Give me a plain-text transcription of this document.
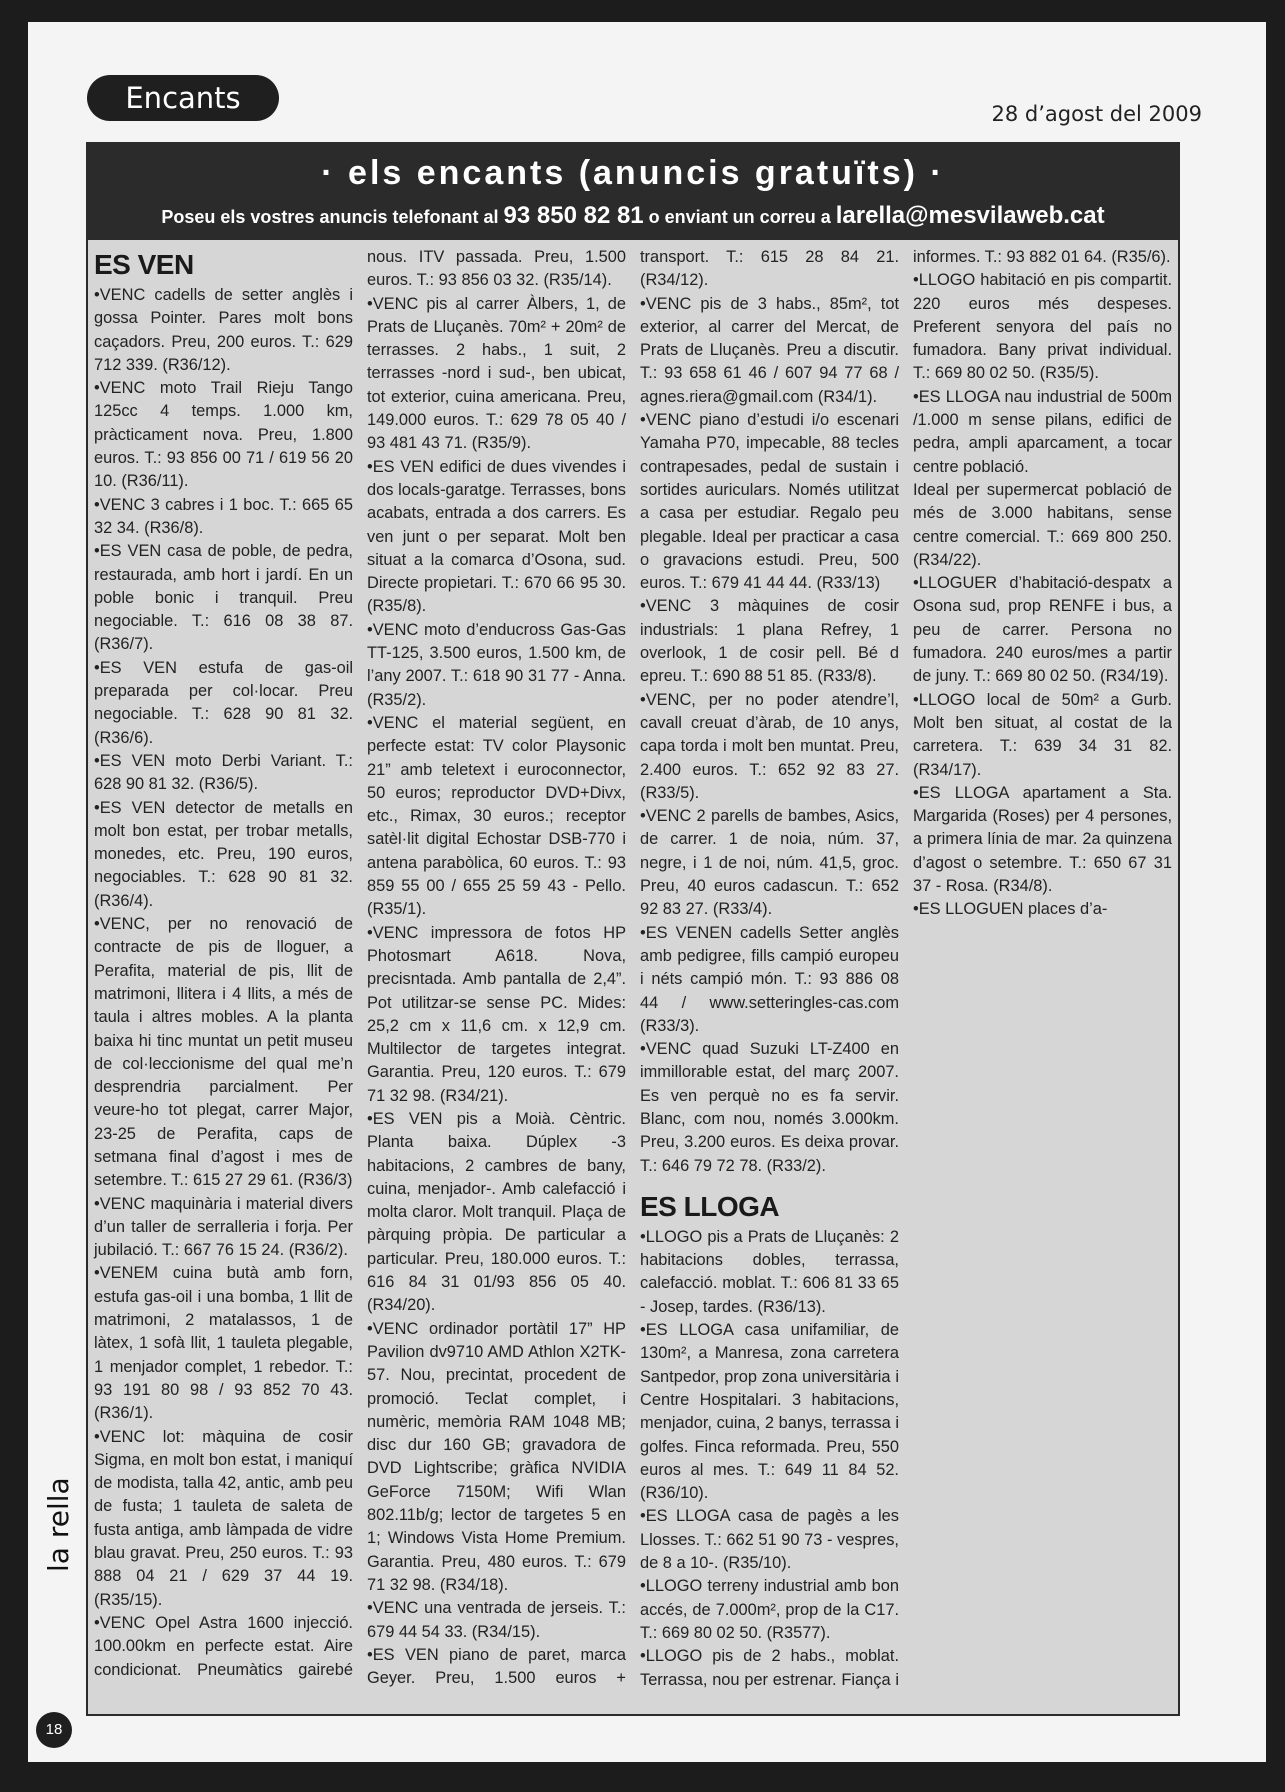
Encants	28 d’agost del 2009
· els encants (anuncis gratuïts) ·
Poseu els vostres anuncis telefonant al 93 850 82 81 o enviant un correu a larella@mesvilaweb.cat
ES VEN

•VENC cadells de setter anglès i gossa Pointer. Pares molt bons caçadors. Preu, 200 euros. T.: 629 712 339. (R36/12).

•VENC moto Trail Rieju Tango 125cc 4 temps. 1.000 km, pràcticament nova. Preu, 1.800 euros. T.: 93 856 00 71 / 619 56 20 10. (R36/11).

•VENC 3 cabres i 1 boc. T.: 665 65 32 34. (R36/8).

•ES VEN casa de poble, de pedra, restaurada, amb hort i jardí. En un poble bonic i tranquil. Preu negociable. T.: 616 08 38 87. (R36/7).

•ES VEN estufa de gas-oil preparada per col·locar. Preu negociable. T.: 628 90 81 32. (R36/6).

•ES VEN moto Derbi Variant. T.: 628 90 81 32. (R36/5).

•ES VEN detector de metalls en molt bon estat, per trobar metalls, monedes, etc. Preu, 190 euros, negociables. T.: 628 90 81 32. (R36/4).

•VENC, per no renovació de contracte de pis de lloguer, a Perafita, material de pis, llit de matrimoni, llitera i 4 llits, a més de taula i altres mobles. A la planta baixa hi tinc muntat un petit museu de col·leccionisme del qual me’n desprendria parcialment. Per veure-ho tot plegat, carrer Major, 23-25 de Perafita, caps de setmana final d’agost i mes de setembre. T.: 615 27 29 61. (R36/3)

•VENC maquinària i material divers d’un taller de serralleria i forja. Per jubilació. T.: 667 76 15 24. (R36/2).

•VENEM cuina butà amb forn, estufa gas-oil i una bomba, 1 llit de matrimoni, 2 matalassos, 1 de làtex, 1 sofà llit, 1 tauleta plegable, 1 menjador complet, 1 rebedor. T.: 93 191 80 98 / 93 852 70 43. (R36/1).

•VENC lot: màquina de cosir Sigma, en molt bon estat, i maniquí de modista, talla 42, antic, amb peu de fusta; 1 tauleta de saleta de fusta antiga, amb làmpada de vidre blau gravat. Preu, 250 euros. T.: 93 888 04 21 / 629 37 44 19. (R35/15).

•VENC Opel Astra 1600 injecció. 100.00km en perfecte estat. Aire condicionat. Pneumàtics gairebé nous. ITV passada. Preu, 1.500 euros. T.: 93 856 03 32. (R35/14).

•VENC pis al carrer Àlbers, 1, de Prats de Lluçanès. 70m² + 20m² de terrasses. 2 habs., 1 suit, 2 terrasses -nord i sud-, ben ubicat, tot exterior, cuina americana. Preu, 149.000 euros. T.: 629 78 05 40 / 93 481 43 71. (R35/9).

•ES VEN edifici de dues vivendes i dos locals-garatge. Terrasses, bons acabats, entrada a dos carrers. Es ven junt o per separat. Molt ben situat a la comarca d’Osona, sud. Directe propietari. T.: 670 66 95 30. (R35/8).

•VENC moto d’enducross Gas-Gas TT-125, 3.500 euros, 1.500 km, de l’any 2007. T.: 618 90 31 77 - Anna. (R35/2).

•VENC el material següent, en perfecte estat: TV color Playsonic 21” amb teletext i euroconnector, 50 euros; reproductor DVD+Divx, etc., Rimax, 30 euros.; receptor satèl·lit digital Echostar DSB-770 i antena parabòlica, 60 euros. T.: 93 859 55 00 / 655 25 59 43 - Pello. (R35/1).

•VENC impressora de fotos HP Photosmart A618. Nova, precisntada. Amb pantalla de 2,4”. Pot utilitzar-se sense PC. Mides: 25,2 cm x 11,6 cm. x 12,9 cm. Multilector de targetes integrat. Garantia. Preu, 120 euros. T.: 679 71 32 98. (R34/21).

•ES VEN pis a Moià. Cèntric. Planta baixa. Dúplex -3 habitacions, 2 cambres de bany, cuina, menjador-. Amb calefacció i molta claror. Molt tranquil. Plaça de pàrquing pròpia. De particular a particular. Preu, 180.000 euros. T.: 616 84 31 01/93 856 05 40. (R34/20).

•VENC ordinador portàtil 17” HP Pavilion dv9710 AMD Athlon X2TK-57. Nou, precintat, procedent de promoció. Teclat complet, i numèric, memòria RAM 1048 MB; disc dur 160 GB; gravadora de DVD Lightscribe; gràfica NVIDIA GeForce 7150M; Wifi Wlan 802.11b/g; lector de targetes 5 en 1; Windows Vista Home Premium. Garantia. Preu, 480 euros. T.: 679 71 32 98. (R34/18).

•VENC una ventrada de jerseis. T.: 679 44 54 33. (R34/15).

•ES VEN piano de paret, marca Geyer. Preu, 1.500 euros + transport. T.: 615 28 84 21. (R34/12).

•VENC pis de 3 habs., 85m², tot exterior, al carrer del Mercat, de Prats de Lluçanès. Preu a discutir. T.: 93 658 61 46 / 607 94 77 68 / agnes.riera@gmail.com (R34/1).

•VENC piano d’estudi i/o escenari Yamaha P70, impecable, 88 tecles contrapesades, pedal de sustain i sortides auriculars. Només utilitzat a casa per estudiar. Regalo peu plegable. Ideal per practicar a casa o gravacions estudi. Preu, 500 euros. T.: 679 41 44 44. (R33/13)

•VENC 3 màquines de cosir industrials: 1 plana Refrey, 1 overlook, 1 de cosir pell. Bé d epreu. T.: 690 88 51 85. (R33/8).

•VENC, per no poder atendre’l, cavall creuat d’àrab, de 10 anys, capa torda i molt ben muntat. Preu, 2.400 euros. T.: 652 92 83 27. (R33/5).

•VENC 2 parells de bambes, Asics, de carrer. 1 de noia, núm. 37, negre, i 1 de noi, núm. 41,5, groc. Preu, 40 euros cadascun. T.: 652 92 83 27. (R33/4).

•ES VENEN cadells Setter anglès amb pedigree, fills campió europeu i néts campió món. T.: 93 886 08 44 / www.setteringles-cas.com (R33/3).

•VENC quad Suzuki LT-Z400 en immillorable estat, del març 2007. Es ven perquè no es fa servir. Blanc, com nou, només 3.000km. Preu, 3.200 euros. Es deixa provar. T.: 646 79 72 78. (R33/2).

ES LLOGA

•LLOGO pis a Prats de Lluçanès: 2 habitacions dobles, terrassa, calefacció. moblat. T.: 606 81 33 65 - Josep, tardes. (R36/13).

•ES LLOGA casa unifamiliar, de 130m², a Manresa, zona carretera Santpedor, prop zona universitària i Centre Hospitalari. 3 habitacions, menjador, cuina, 2 banys, terrassa i golfes. Finca reformada. Preu, 550 euros al mes. T.: 649 11 84 52. (R36/10).

•ES LLOGA casa de pagès a les Llosses. T.: 662 51 90 73 - vespres, de 8 a 10-. (R35/10).

•LLOGO terreny industrial amb bon accés, de 7.000m², prop de la C17. T.: 669 80 02 50. (R3577).

•LLOGO pis de 2 habs., moblat. Terrassa, nou per estrenar. Fiança i informes. T.: 93 882 01 64. (R35/6).

•LLOGO habitació en pis compartit. 220 euros més despeses. Preferent senyora del país no fumadora. Bany privat individual. T.: 669 80 02 50. (R35/5).

•ES LLOGA nau industrial de 500m /1.000 m sense pilans, edifici de pedra, ampli aparcament, a tocar centre població.

Ideal per supermercat població de més de 3.000 habitans, sense centre comercial. T.: 669 800 250. (R34/22).

•LLOGUER d’habitació-despatx a Osona sud, prop RENFE i bus, a peu de carrer. Persona no fumadora. 240 euros/mes a partir de juny. T.: 669 80 02 50. (R34/19).

•LLOGO local de 50m² a Gurb. Molt ben situat, al costat de la carretera. T.: 639 34 31 82. (R34/17).

•ES LLOGA apartament a Sta. Margarida (Roses) per 4 persones, a primera línia de mar. 2a quinzena d’agost o setembre. T.: 650 67 31 37 - Rosa. (R34/8).

•ES LLOGUEN places d’a-

la rella
18
